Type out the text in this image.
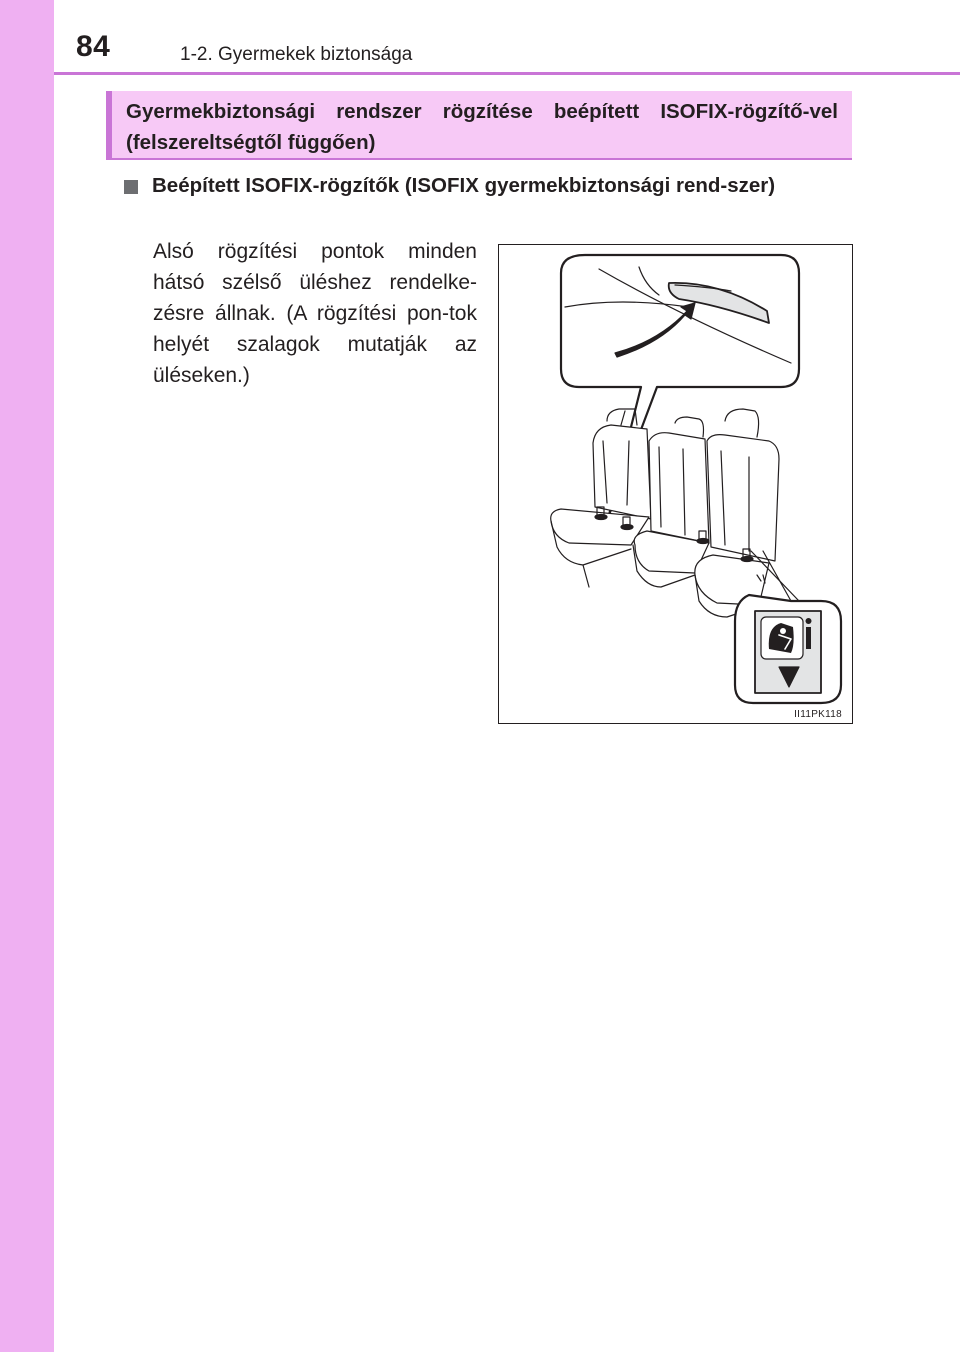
84	1-2. Gyermekek biztonsága
Gyermekbiztonsági rendszer rögzítése beépített ISOFIX-rögzítő-vel (felszereltségtől függően)
Beépített ISOFIX-rögzítők (ISOFIX gyermekbiztonsági rend-szer)
Alsó rögzítési pontok minden hátsó szélső üléshez rendelke-zésre állnak. (A rögzítési pon-tok helyét szalagok mutatják az üléseken.)
II11PK118
